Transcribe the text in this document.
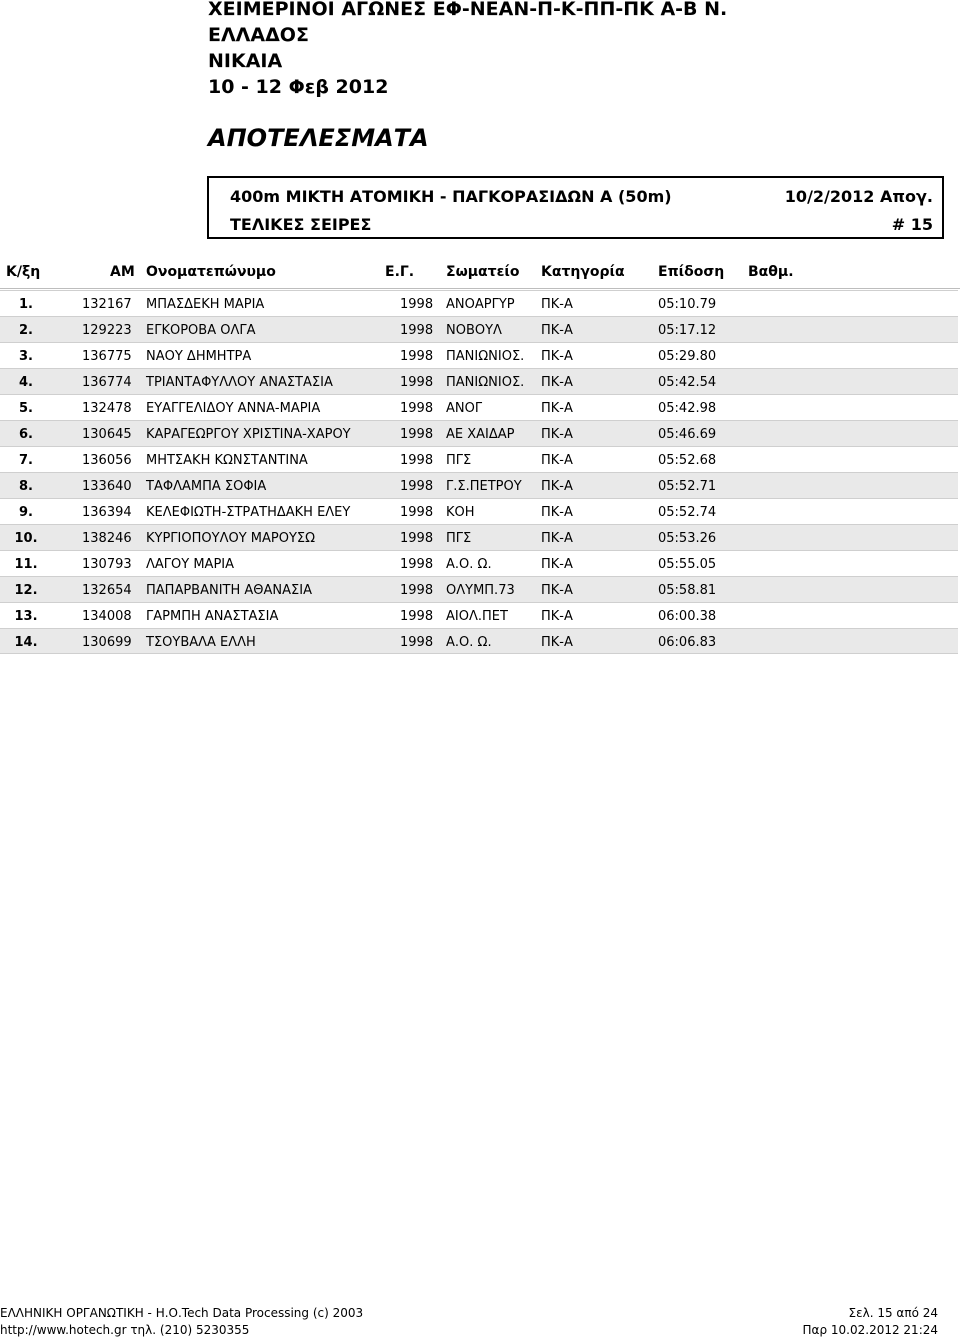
ΧΕΙΜΕΡΙΝΟΙ ΑΓΩΝΕΣ ΕΦ-ΝΕΑΝ-Π-Κ-ΠΠ-ΠΚ Α-Β Ν.
ΕΛΛΑΔΟΣ
ΝΙΚΑΙΑ
10 - 12 Φεβ 2012
ΑΠΟΤΕΛΕΣΜΑΤΑ
400m ΜΙΚΤΗ ΑΤΟΜΙΚΗ - ΠΑΓΚΟΡΑΣΙΔΩΝ Α (50m)	10/2/2012 Απογ.
ΤΕΛΙΚΕΣ ΣΕΙΡΕΣ	# 15
Κ/ξη	ΑΜ Ονοματεπώνυμο	Ε.Γ. Σωματείο Κατηγορία Επίδοση Βαθμ.
1.	132167 ΜΠΑΣΔΕΚΗ ΜΑΡΙΑ	1998 ΑΝΟΑΡΓΥΡ ΠΚ-Α	05:10.79
2.	129223 ΕΓΚΟΡΟΒΑ ΟΛΓΑ	1998 ΝΟΒΟΥΛ	ΠΚ-Α	05:17.12
3.	136775 ΝΑΟΥ ΔΗΜΗΤΡΑ	1998 ΠΑΝΙΩΝΙΟΣ. ΠΚ-Α	05:29.80
4.	136774 ΤΡΙΑΝΤΑΦΥΛΛΟΥ ΑΝΑΣΤΑΣΙΑ	1998 ΠΑΝΙΩΝΙΟΣ. ΠΚ-Α	05:42.54
5.	132478 ΕΥΑΓΓΕΛΙΔΟΥ ΑΝΝΑ-ΜΑΡΙΑ	1998 ΑΝΟΓ	ΠΚ-Α	05:42.98
6.	130645 ΚΑΡΑΓΕΩΡΓΟΥ ΧΡΙΣΤΙΝΑ-ΧΑΡΟΥ	1998 ΑΕ ΧΑΙΔΑΡ ΠΚ-Α	05:46.69
7.	136056 ΜΗΤΣΑΚΗ ΚΩΝΣΤΑΝΤΙΝΑ	1998 ΠΓΣ	ΠΚ-Α	05:52.68
8.	133640 ΤΑΦΛΑΜΠΑ ΣΟΦΙΑ	1998 Γ.Σ.ΠΕΤΡΟΥ ΠΚ-Α	05:52.71
9.	136394 ΚΕΛΕΦΙΩΤΗ-ΣΤΡΑΤΗΔΑΚΗ ΕΛΕΥ	1998 ΚΟΗ	ΠΚ-Α	05:52.74
10.	138246 ΚΥΡΓΙΟΠΟΥΛΟΥ ΜΑΡΟΥΣΩ	1998 ΠΓΣ	ΠΚ-Α	05:53.26
11.	130793 ΛΑΓΟΥ ΜΑΡΙΑ	1998 Α.Ο. Ω.	ΠΚ-Α	05:55.05
12.	132654 ΠΑΠΑΡΒΑΝΙΤΗ ΑΘΑΝΑΣΙΑ	1998 ΟΛΥΜΠ.73 ΠΚ-Α	05:58.81
13.	134008 ΓΑΡΜΠΗ ΑΝΑΣΤΑΣΙΑ	1998 ΑΙΟΛ.ΠΕΤ	ΠΚ-Α	06:00.38
14.	130699 ΤΣΟΥΒΑΛΑ ΕΛΛΗ	1998 Α.Ο. Ω.	ΠΚ-Α	06:06.83
ΕΛΛΗΝΙΚΗ ΟΡΓΑΝΩΤΙΚΗ - Η.Ο.Tech Data Processing (c) 2003
http://www.hotech.gr τηλ. (210) 5230355
Σελ. 15 από 24
Παρ 10.02.2012 21:24
